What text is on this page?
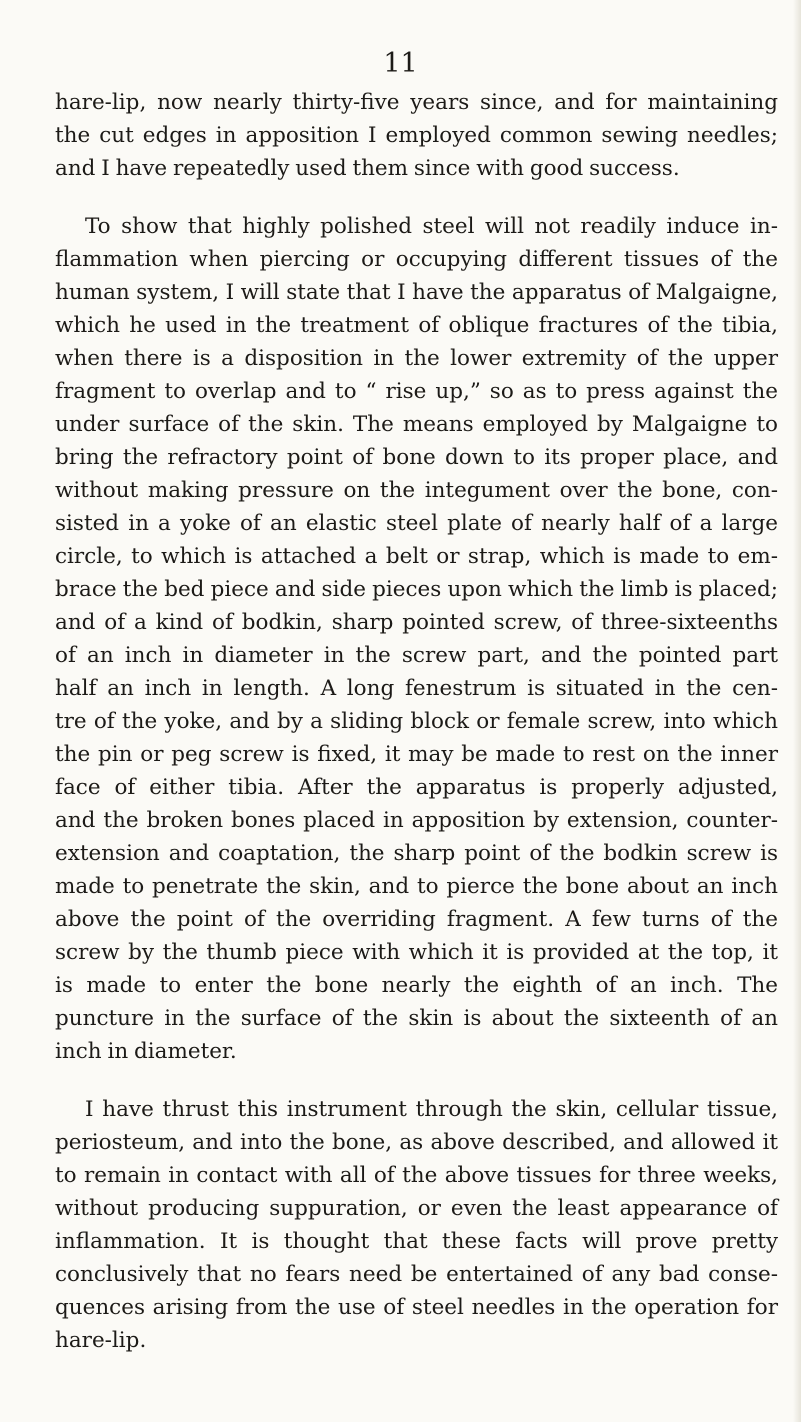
11

hare-lip, now nearly thirty-five years since, and for maintaining
the cut edges in apposition I employed common sewing needles;
and I have repeatedly used them since with good success.

To show that highly polished steel will not readily induce in-
flammation when piercing or occupying different tissues of the
human system, I will state that I have the apparatus of Malgaigne,
which he used in the treatment of oblique fractures of the tibia,
when there is a disposition in the lower extremity of the upper
fragment to overlap and to “ rise up,” so as to press against the
under surface of the skin. The means employed by Malgaigne to
bring the refractory point of bone down to its proper place, and
without making pressure on the integument over the bone, con-
sisted in a yoke of an elastic steel plate of nearly half of a large
circle, to which is attached a belt or strap, which is made to em-
brace the bed piece and side pieces upon which the limb is placed;
and of a kind of bodkin, sharp pointed screw, of three-sixteenths
of an inch in diameter in the screw part, and the pointed part
half an inch in length. A long fenestrum is situated in the cen-
tre of the yoke, and by a sliding block or female screw, into which
the pin or peg screw is fixed, it may be made to rest on the inner
face of either tibia. After the apparatus is properly adjusted,
and the broken bones placed in apposition by extension, counter-
extension and coaptation, the sharp point of the bodkin screw is
made to penetrate the skin, and to pierce the bone about an inch
above the point of the overriding fragment. A few turns of the
screw by the thumb piece with which it is provided at the top, it
is made to enter the bone nearly the eighth of an inch. The
puncture in the surface of the skin is about the sixteenth of an
inch in diameter.

I have thrust this instrument through the skin, cellular tissue,
periosteum, and into the bone, as above described, and allowed it
to remain in contact with all of the above tissues for three weeks,
without producing suppuration, or even the least appearance of
inflammation. It is thought that these facts will prove pretty
conclusively that no fears need be entertained of any bad conse-
quences arising from the use of steel needles in the operation for
hare-lip.
